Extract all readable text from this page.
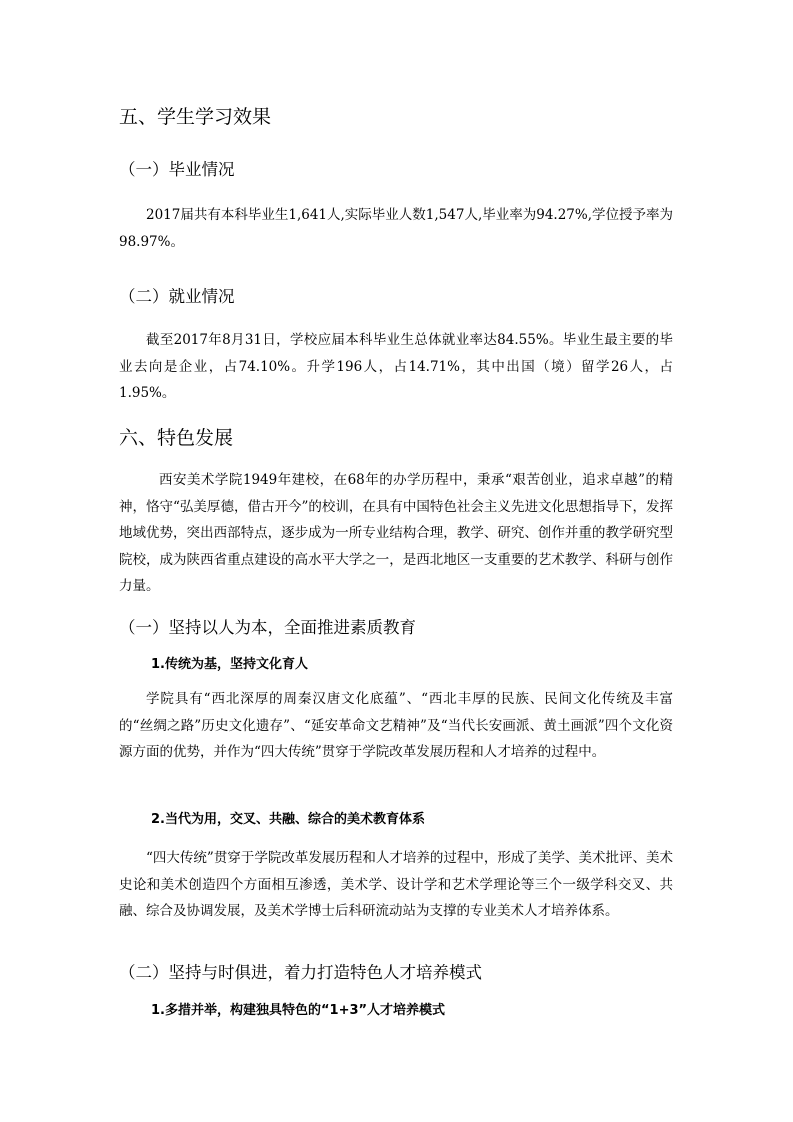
五、学生学习效果
（一）毕业情况

2017届共有本科毕业生1,641人,实际毕业人数1,547人,毕业率为94.27%,学位授予率为98.97%。

（二）就业情况

截至2017年8月31日，学校应届本科毕业生总体就业率达84.55%。毕业生最主要的毕业去向是企业，占74.10%。升学196人，占14.71%，其中出国（境）留学26人，占1.95%。

六、特色发展

西安美术学院1949年建校，在68年的办学历程中，秉承“艰苦创业，追求卓越”的精神，恪守“弘美厚德，借古开今”的校训，在具有中国特色社会主义先进文化思想指导下，发挥地域优势，突出西部特点，逐步成为一所专业结构合理，教学、研究、创作并重的教学研究型院校，成为陕西省重点建设的高水平大学之一，是西北地区一支重要的艺术教学、科研与创作力量。

（一）坚持以人为本，全面推进素质教育
1.传统为基，坚持文化育人

学院具有“西北深厚的周秦汉唐文化底蕴”、“西北丰厚的民族、民间文化传统及丰富的“丝绸之路”历史文化遗存”、“延安革命文艺精神”及“当代长安画派、黄土画派”四个文化资源方面的优势，并作为“四大传统”贯穿于学院改革发展历程和人才培养的过程中。

2.当代为用，交叉、共融、综合的美术教育体系

“四大传统”贯穿于学院改革发展历程和人才培养的过程中，形成了美学、美术批评、美术史论和美术创造四个方面相互渗透，美术学、设计学和艺术学理论等三个一级学科交叉、共融、综合及协调发展，及美术学博士后科研流动站为支撑的专业美术人才培养体系。

（二）坚持与时俱进，着力打造特色人才培养模式
1.多措并举，构建独具特色的“1+3”人才培养模式
